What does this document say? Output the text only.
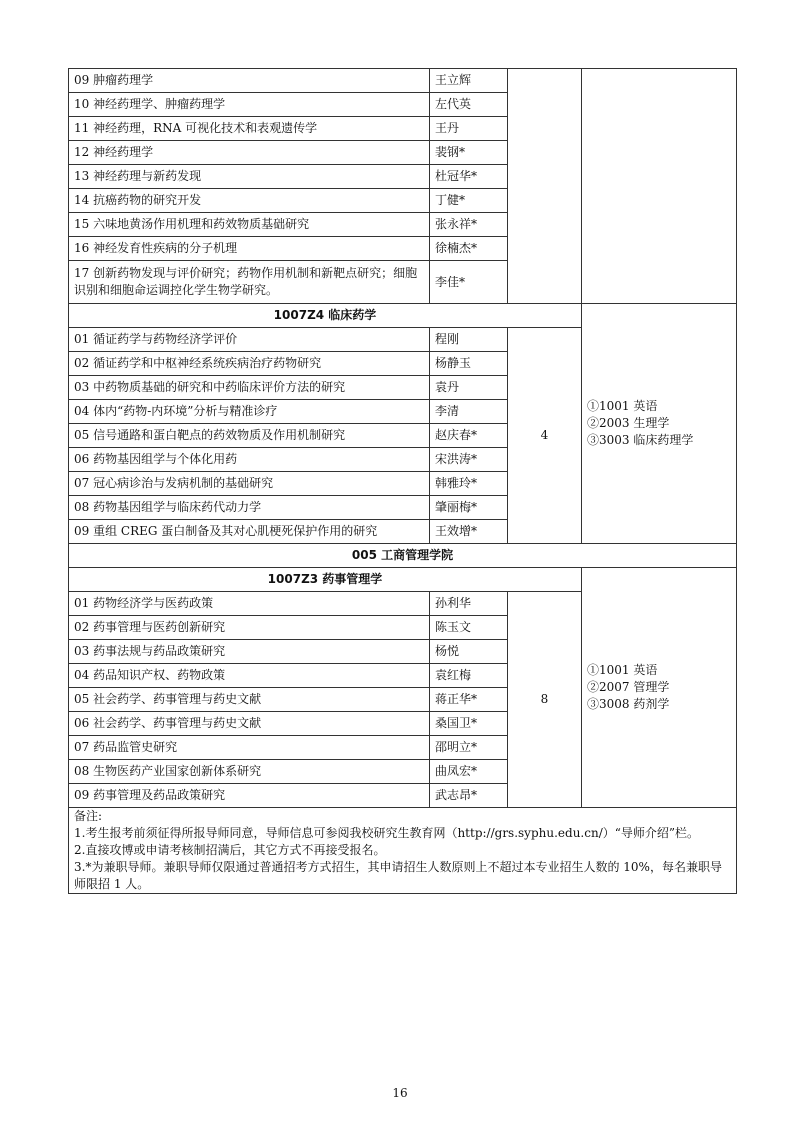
09 肿瘤药理学	王立辉		
10 神经药理学、肿瘤药理学	左代英		
11 神经药理，RNA 可视化技术和表观遗传学	王丹		
12 神经药理学	裴钢*		
13 神经药理与新药发现	杜冠华*		
14 抗癌药物的研究开发	丁健*		
15 六味地黄汤作用机理和药效物质基础研究	张永祥*		
16 神经发育性疾病的分子机理	徐楠杰*		
17 创新药物发现与评价研究；药物作用机制和新靶点研究；细胞识别和细胞命运调控化学生物学研究。	李佳*		
1007Z4 临床药学			①1001 英语
②2003 生理学
③3003 临床药理学

01 循证药学与药物经济学评价	程刚	4	
02 循证药学和中枢神经系统疾病治疗药物研究	杨静玉		
03 中药物质基础的研究和中药临床评价方法的研究	袁丹		
04 体内“药物-内环境”分析与精准诊疗	李清		
05 信号通路和蛋白靶点的药效物质及作用机制研究	赵庆春*		
06 药物基因组学与个体化用药	宋洪涛*		
07 冠心病诊治与发病机制的基础研究	韩雅玲*		
08 药物基因组学与临床药代动力学	肇丽梅*		
09 重组 CREG 蛋白制备及其对心肌梗死保护作用的研究	王效增*		
005 工商管理学院			
1007Z3 药事管理学			①1001 英语
②2007 管理学
③3008 药剂学

01 药物经济学与医药政策	孙利华	8	
02 药事管理与医药创新研究	陈玉文		
03 药事法规与药品政策研究	杨悦		
04 药品知识产权、药物政策	袁红梅		
05 社会药学、药事管理与药史文献	蒋正华*		
06 社会药学、药事管理与药史文献	桑国卫*		
07 药品监管史研究	邵明立*		
08 生物医药产业国家创新体系研究	曲凤宏*		
09 药事管理及药品政策研究	武志昂*		

备注:
1.考生报考前须征得所报导师同意，导师信息可参阅我校研究生教育网（http://grs.syphu.edu.cn/）“导师介绍”栏。
2.直接攻博或申请考核制招满后，其它方式不再接受报名。
3.*为兼职导师。兼职导师仅限通过普通招考方式招生，其申请招生人数原则上不超过本专业招生人数的 10%，每名兼职导师限招 1 人。			
16
